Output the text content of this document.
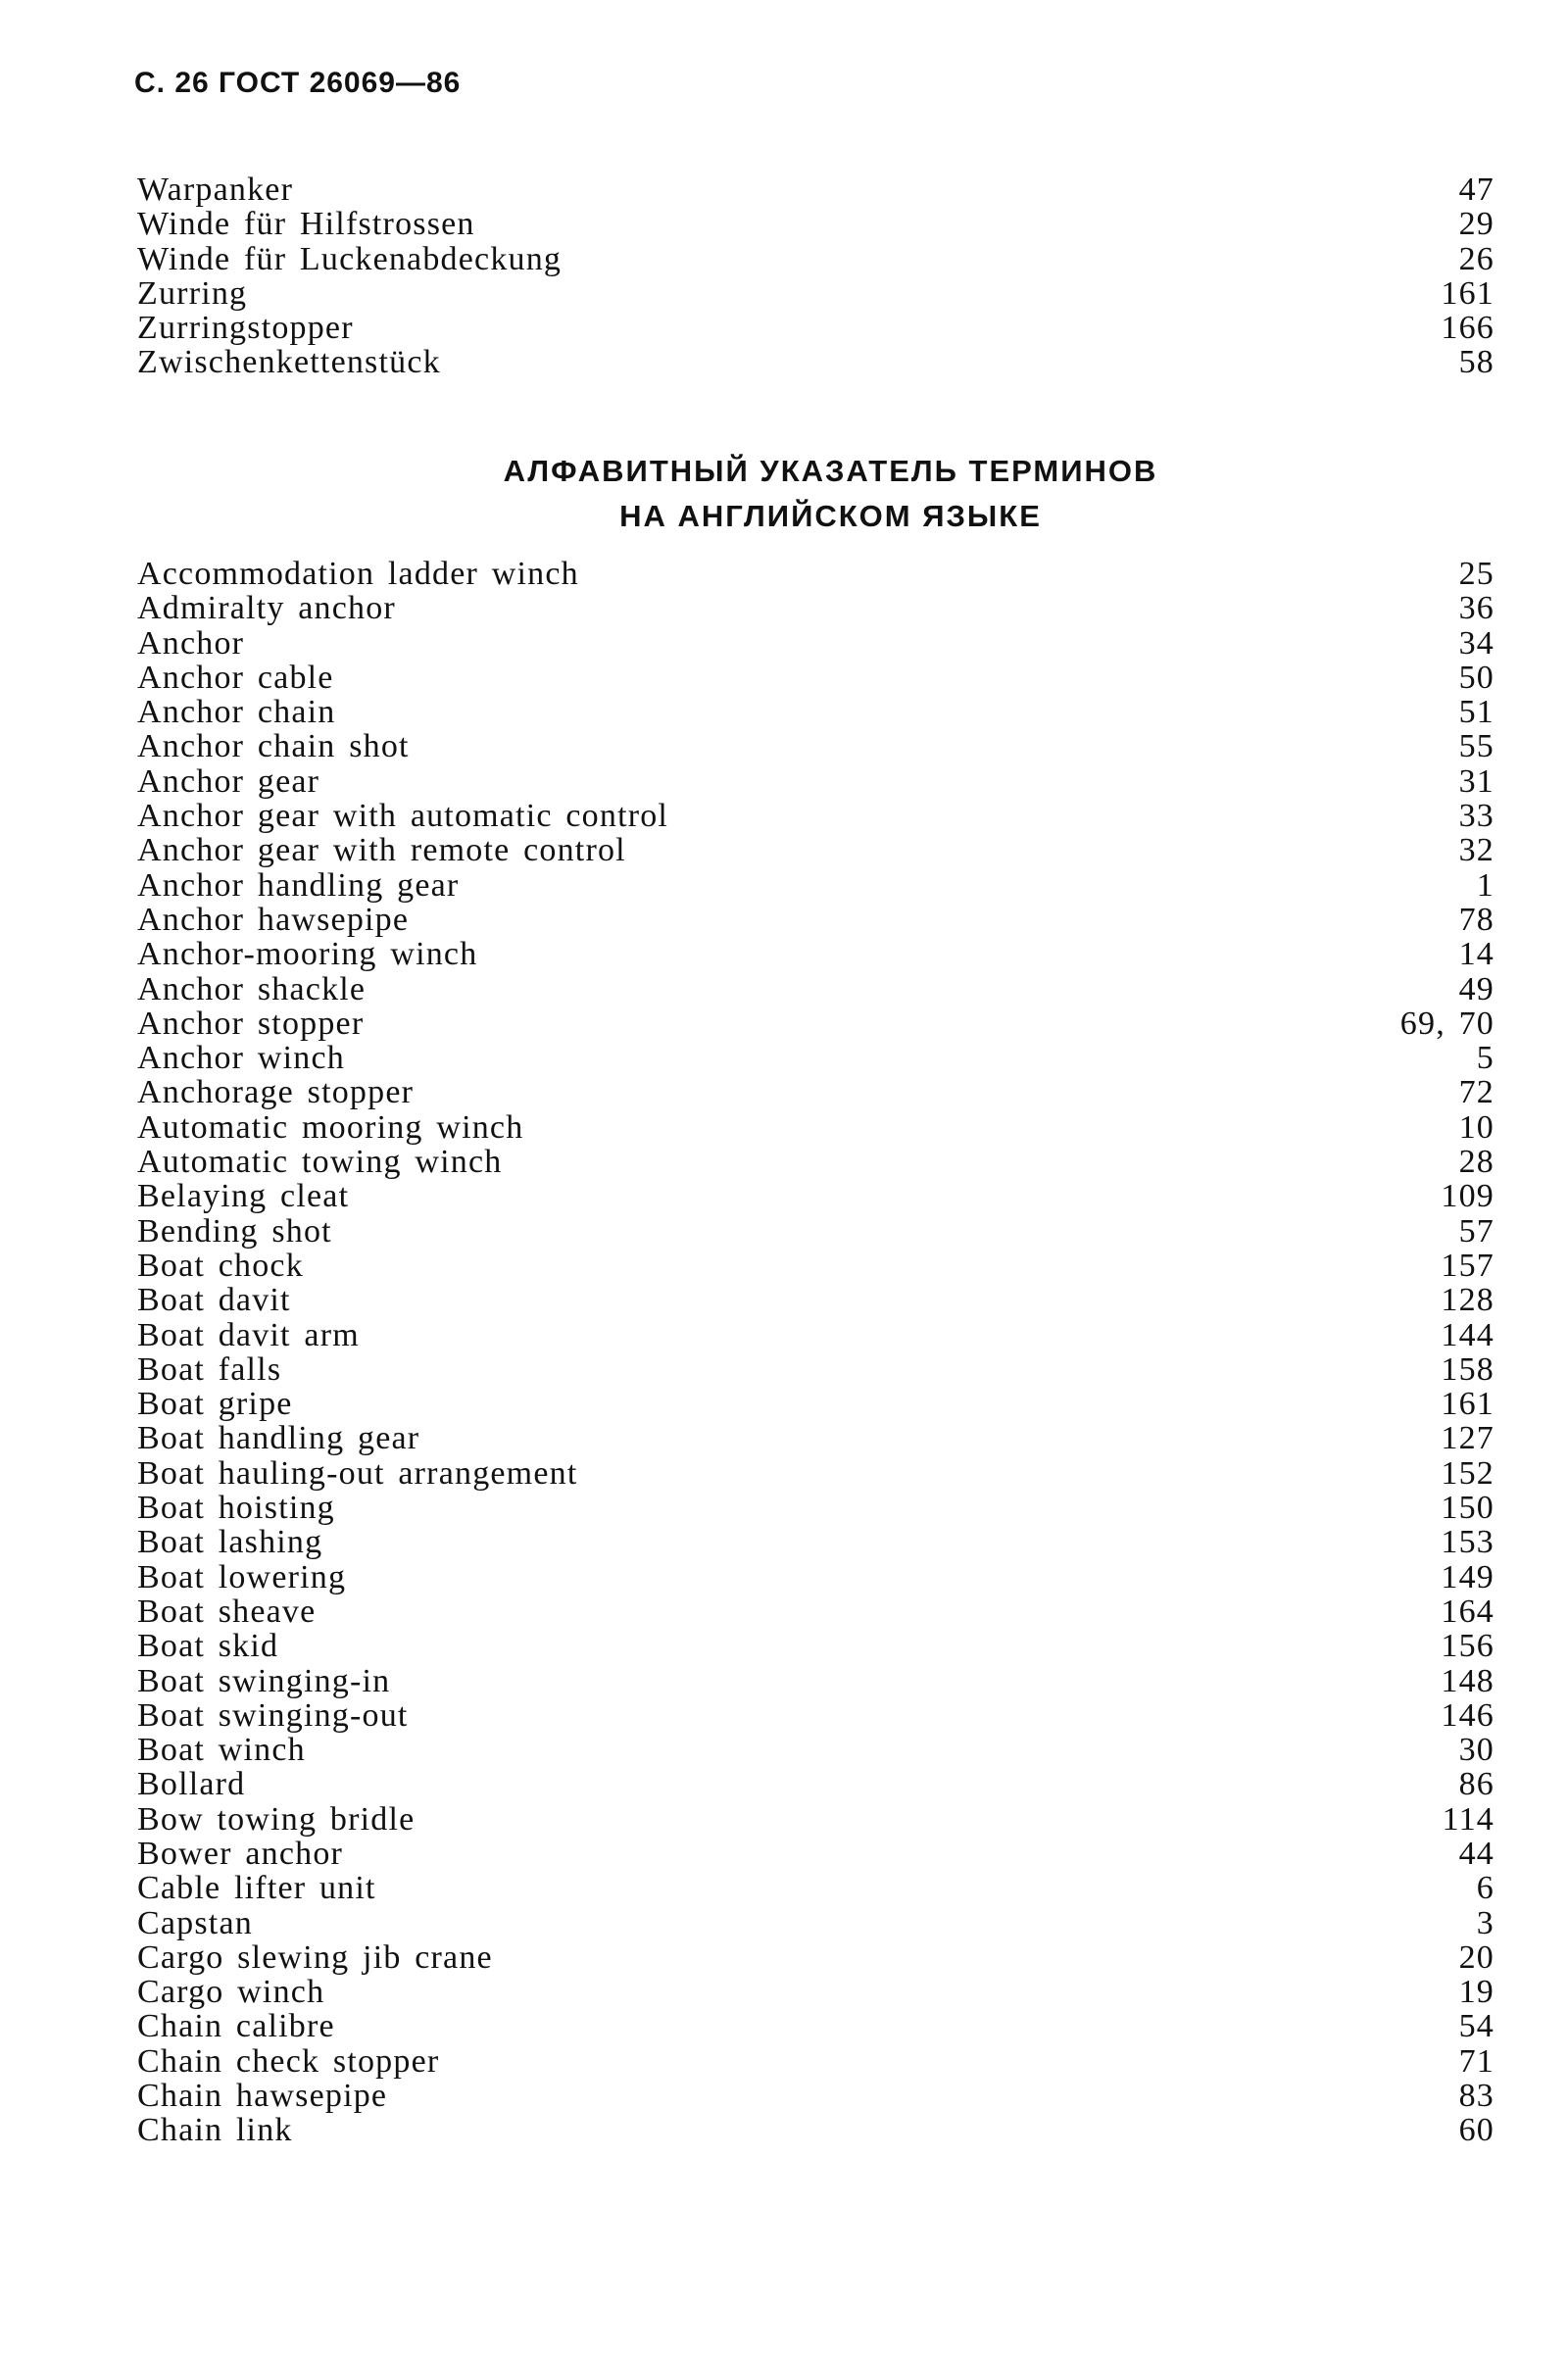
С. 26 ГОСТ 26069—86
Warpanker	47
Winde für Hilfstrossen	29
Winde für Luckenabdeckung	26
Zurring	161
Zurringstopper	166
Zwischenkettenstück	58
АЛФАВИТНЫЙ УКАЗАТЕЛЬ ТЕРМИНОВ
НА АНГЛИЙСКОМ ЯЗЫКЕ
Accommodation ladder winch	25
Admiralty anchor	36
Anchor	34
Anchor cable	50
Anchor chain	51
Anchor chain shot	55
Anchor gear	31
Anchor gear with automatic control	33
Anchor gear with remote control	32
Anchor handling gear	1
Anchor hawsepipe	78
Anchor-mooring winch	14
Anchor shackle	49
Anchor stopper	69, 70
Anchor winch	5
Anchorage stopper	72
Automatic mooring winch	10
Automatic towing winch	28
Belaying cleat	109
Bending shot	57
Boat chock	157
Boat davit	128
Boat davit arm	144
Boat falls	158
Boat gripe	161
Boat handling gear	127
Boat hauling-out arrangement	152
Boat hoisting	150
Boat lashing	153
Boat lowering	149
Boat sheave	164
Boat skid	156
Boat swinging-in	148
Boat swinging-out	146
Boat winch	30
Bollard	86
Bow towing bridle	114
Bower anchor	44
Cable lifter unit	6
Capstan	3
Cargo slewing jib crane	20
Cargo winch	19
Chain calibre	54
Chain check stopper	71
Chain hawsepipe	83
Chain link	60
